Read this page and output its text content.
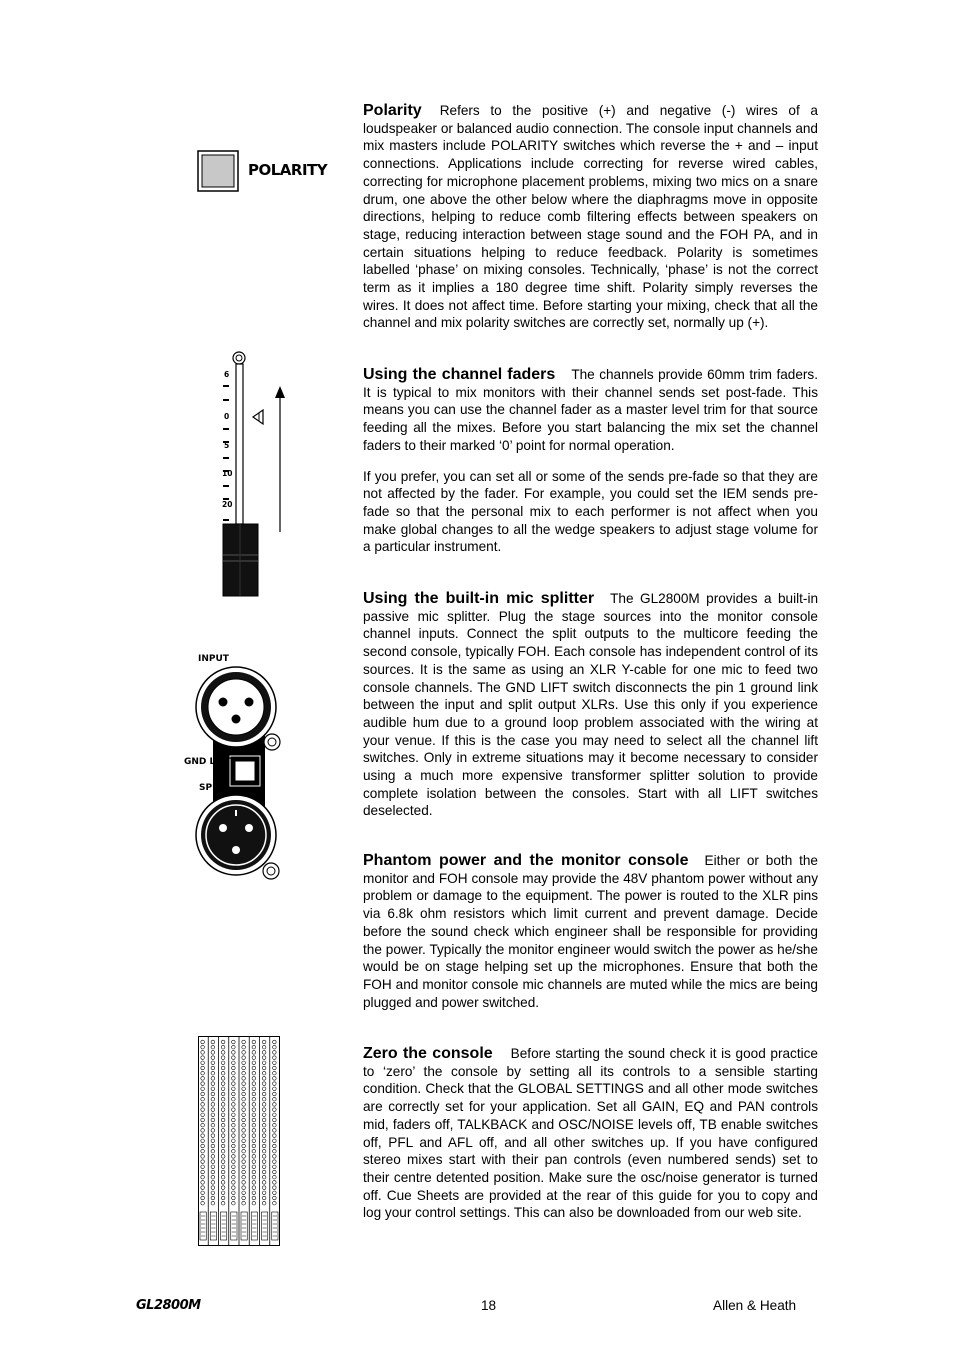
Polarity Refers to the positive (+) and negative (-) wires of a loudspeaker or balanced audio connection. The console input channels and mix masters include POLARITY switches which reverse the + and – input connections. Applications include correcting for reverse wired cables, correcting for microphone placement problems, mixing two mics on a snare drum, one above the other below where the diaphragms move in opposite directions, helping to reduce comb filtering effects between speakers on stage, reducing interaction between stage sound and the FOH PA, and in certain situations helping to reduce feedback. Polarity is sometimes labelled ‘phase’ on mixing consoles. Technically, ‘phase’ is not the correct term as it implies a 180 degree time shift. Polarity simply reverses the wires. It does not affect time. Before starting your mixing, check that all the channel and mix polarity switches are correctly set, normally up (+).

Using the channel faders The channels provide 60mm trim faders. It is typical to mix monitors with their channel sends set post-fade. This means you can use the channel fader as a master level trim for that source feeding all the mixes. Before you start balancing the mix set the channel faders to their marked ‘0’ point for normal operation.

If you prefer, you can set all or some of the sends pre-fade so that they are not affected by the fader. For example, you could set the IEM sends pre-fade so that the personal mix to each performer is not affect when you make global changes to all the wedge speakers to adjust stage volume for a particular instrument.

Using the built-in mic splitter The GL2800M provides a built-in passive mic splitter. Plug the stage sources into the monitor console channel inputs. Connect the split outputs to the multicore feeding the second console, typically FOH. Each console has independent control of its sources. It is the same as using an XLR Y-cable for one mic to feed two console channels. The GND LIFT switch disconnects the pin 1 ground link between the input and split output XLRs. Use this only if you experience audible hum due to a ground loop problem associated with the wiring at your venue. If this is the case you may need to select all the channel lift switches. Only in extreme situations may it become necessary to consider using a much more expensive transformer splitter solution to provide complete isolation between the consoles. Start with all LIFT switches deselected.

Phantom power and the monitor console Either or both the monitor and FOH console may provide the 48V phantom power without any problem or damage to the equipment. The power is routed to the XLR pins via 6.8k ohm resistors which limit current and prevent damage. Decide before the sound check which engineer shall be responsible for providing the power. Typically the monitor engineer would switch the power as he/she would be on stage helping set up the microphones. Ensure that both the FOH and monitor console mic channels are muted while the mics are being plugged and power switched.

Zero the console Before starting the sound check it is good practice to ‘zero’ the console by setting all its controls to a sensible starting condition. Check that the GLOBAL SETTINGS and all other mode switches are correctly set for your application. Set all GAIN, EQ and PAN controls mid, faders off, TALKBACK and OSC/NOISE levels off, TB enable switches off, PFL and AFL off, and all other switches up. If you have configured stereo mixes start with their pan controls (even numbered sends) set to their centre detented position. Make sure the osc/noise generator is turned off. Cue Sheets are provided at the rear of this guide for you to copy and log your control settings. This can also be downloaded from our web site.

POLARITY
6
0
5
10
20
INPUT
GND LIFT
SPLIT
GL2800M	18	Allen & Heath
